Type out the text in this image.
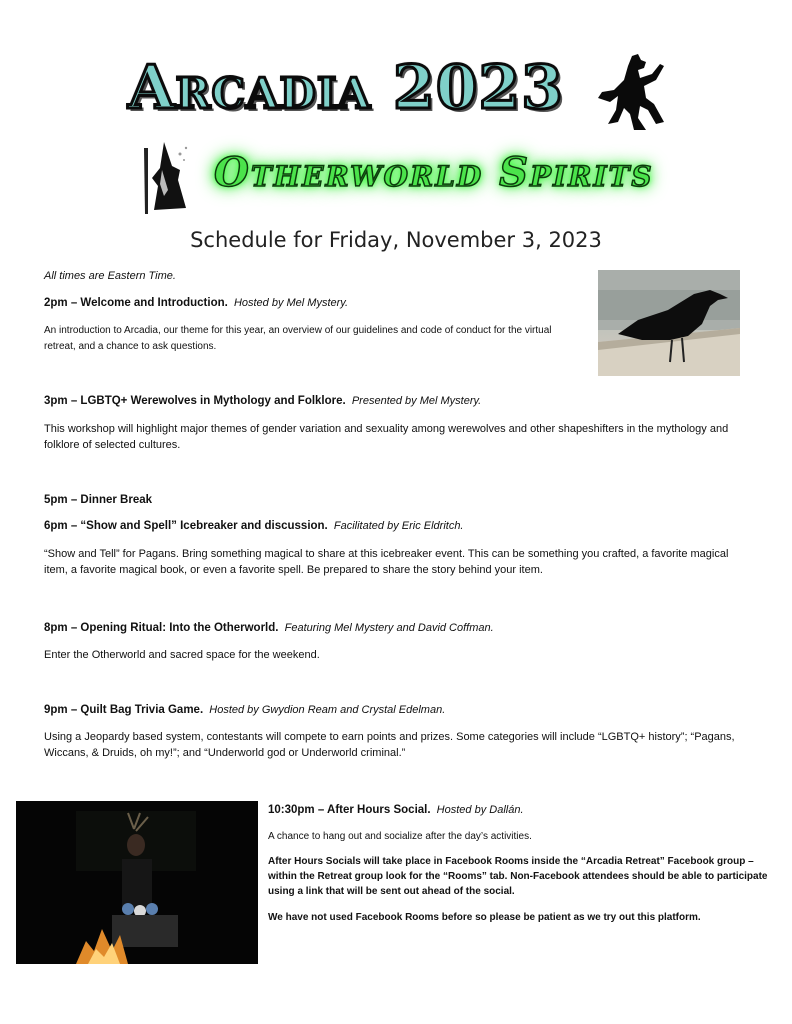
Arcadia 2023
Otherworld Spirits
Schedule for Friday, November 3, 2023

All times are Eastern Time.

2pm – Welcome and Introduction. Hosted by Mel Mystery.

An introduction to Arcadia, our theme for this year, an overview of our guidelines and code of conduct for the virtual retreat, and a chance to ask questions.

3pm – LGBTQ+ Werewolves in Mythology and Folklore. Presented by Mel Mystery.

This workshop will highlight major themes of gender variation and sexuality among werewolves and other shapeshifters in the mythology and folklore of selected cultures.

5pm – Dinner Break

6pm – “Show and Spell” Icebreaker and discussion. Facilitated by Eric Eldritch.

“Show and Tell” for Pagans. Bring something magical to share at this icebreaker event. This can be something you crafted, a favorite magical item, a favorite magical book, or even a favorite spell. Be prepared to share the story behind your item.

8pm – Opening Ritual: Into the Otherworld. Featuring Mel Mystery and David Coffman.

Enter the Otherworld and sacred space for the weekend.

9pm – Quilt Bag Trivia Game. Hosted by Gwydion Ream and Crystal Edelman.

Using a Jeopardy based system, contestants will compete to earn points and prizes. Some categories will include “LGBTQ+ history”; “Pagans, Wiccans, & Druids, oh my!”; and “Underworld god or Underworld criminal.”

10:30pm – After Hours Social. Hosted by Dallán.

A chance to hang out and socialize after the day’s activities.

After Hours Socials will take place in Facebook Rooms inside the “Arcadia Retreat” Facebook group – within the Retreat group look for the “Rooms” tab. Non-Facebook attendees should be able to participate using a link that will be sent out ahead of the social.

We have not used Facebook Rooms before so please be patient as we try out this platform.
